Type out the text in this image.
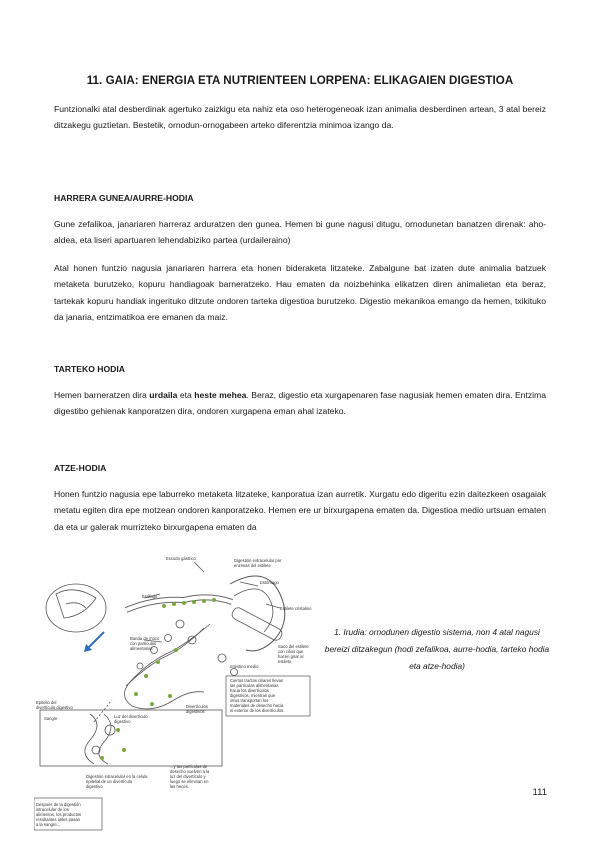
11. GAIA: ENERGIA ETA NUTRIENTEEN LORPENA: ELIKAGAIEN DIGESTIOA

Funtzionalki atal desberdinak agertuko zaizkigu eta nahiz eta oso heterogeneoak izan animalia desberdinen artean, 3 atal bereiz ditzakegu guztietan. Bestetik, ornodun-ornogabeen arteko diferentzia minimoa izango da.

HARRERA GUNEA/AURRE-HODIA

Gune zefalikoa, janariaren harreraz arduratzen den gunea. Hemen bi gune nagusi ditugu, ornodunetan banatzen direnak: aho-aldea, eta liseri apartuaren lehendabiziko partea (urdaileraino)

Atal honen funtzio nagusia janariaren harrera eta honen bideraketa litzateke. Zabalgune bat izaten dute animalia batzuek metaketa burutzeko, kopuru handiagoak barneratzeko. Hau ematen da noizbehinka elikatzen diren animalietan eta beraz, tartekak kopuru handiak ingerituko ditzute ondoren tarteka digestioa burutzeko. Digestio mekanikoa emango da hemen, txikituko da janaria, entzimatikoa ere emanen da maiz.

TARTEKO HODIA

Hemen barneratzen dira urdaila eta heste mehea. Beraz, digestio eta xurgapenaren fase nagusiak hemen ematen dira. Entzima digestibo gehienak kanporatzen dira, ondoren xurgapena eman ahal izateko.

ATZE-HODIA

Honen funtzio nagusia epe laburreko metaketa litzateke, kanporatua izan aurretik. Xurgatu edo digeritu ezin daitezkeen osagaiak metatu egiten dira epe motzean ondoren kanporatzeko. Hemen ere ur birxurgapena ematen da. Digestioa medio urtsuan ematen da eta ur galerak murrizteko birxurgapena ematen da

Escudo gástrico	Digestión extracelular por
enzimas del estilete
Estómago
Estilete cristalino
Esófago
Banda de moco
con partículas
alimentarias	Saco del estilete
con cilios que
hacen girar al
estilete
Intestino medio
Epitelio del
divertículo digestivo
Sangre	Luz del divertículo
digestivo
Divertículos
digestivos
Ciertos tractos ciliares llevan
las partículas alimentarias
hacia los divertículos
digestivos, mientras que
otros transportan los
materiales de desecho hacia
el exterior de los divertículos.
...y las partículas de
desecho vuelven a la
luz del divertículo y
luego se eliminan en
las heces.
Digestión intracelular en la célula
epitelial de un divertículo
digestivo
Después de la digestión
intracelular de los
alimentos, los productos
resultantes útiles pasan
a la sangre...
1. Irudia: ornodunen digestio sistema, non 4 atal nagusi bereizi ditzakegun (hodi zefalikoa, aurre-hodia, tarteko hodia eta atze-hodia)
111
